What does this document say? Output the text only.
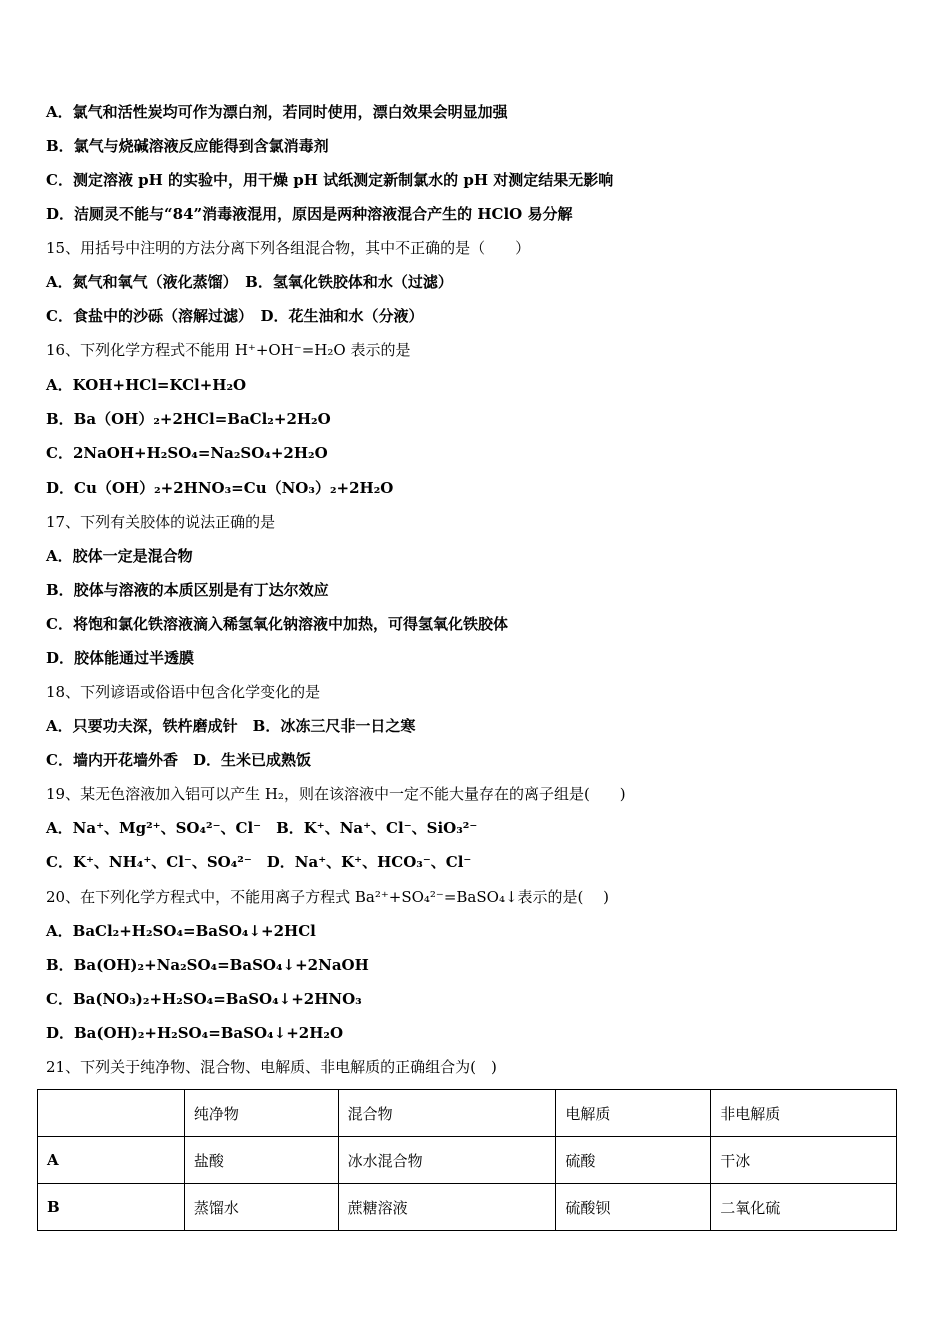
A．氯气和活性炭均可作为漂白剂，若同时使用，漂白效果会明显加强
B．氯气与烧碱溶液反应能得到含氯消毒剂
C．测定溶液 pH 的实验中，用干燥 pH 试纸测定新制氯水的 pH 对测定结果无影响
D．洁厕灵不能与“84”消毒液混用，原因是两种溶液混合产生的 HClO 易分解
15、用括号中注明的方法分离下列各组混合物，其中不正确的是（　　）
A．氮气和氧气（液化蒸馏）　B．氢氧化铁胶体和水（过滤）
C．食盐中的沙砾（溶解过滤）　D．花生油和水（分液）
16、下列化学方程式不能用 H⁺+OH⁻=H₂O 表示的是
A．KOH+HCl=KCl+H₂O
B．Ba（OH）₂+2HCl=BaCl₂+2H₂O
C．2NaOH+H₂SO₄=Na₂SO₄+2H₂O
D．Cu（OH）₂+2HNO₃=Cu（NO₃）₂+2H₂O
17、下列有关胶体的说法正确的是
A．胶体一定是混合物
B．胶体与溶液的本质区别是有丁达尔效应
C．将饱和氯化铁溶液滴入稀氢氧化钠溶液中加热，可得氢氧化铁胶体
D．胶体能通过半透膜
18、下列谚语或俗语中包含化学变化的是
A．只要功夫深，铁杵磨成针　B．冰冻三尺非一日之寒
C．墙内开花墙外香　D．生米已成熟饭
19、某无色溶液加入铝可以产生 H₂，则在该溶液中一定不能大量存在的离子组是(　　)
A．Na⁺、Mg²⁺、SO₄²⁻、Cl⁻　B．K⁺、Na⁺、Cl⁻、SiO₃²⁻
C．K⁺、NH₄⁺、Cl⁻、SO₄²⁻　D．Na⁺、K⁺、HCO₃⁻、Cl⁻
20、在下列化学方程式中，不能用离子方程式 Ba²⁺+SO₄²⁻=BaSO₄↓表示的是(　 )
A．BaCl₂+H₂SO₄=BaSO₄↓+2HCl
B．Ba(OH)₂+Na₂SO₄=BaSO₄↓+2NaOH
C．Ba(NO₃)₂+H₂SO₄=BaSO₄↓+2HNO₃
D．Ba(OH)₂+H₂SO₄=BaSO₄↓+2H₂O
21、下列关于纯净物、混合物、电解质、非电解质的正确组合为(　)
	纯净物	混合物	电解质	非电解质
A	盐酸	冰水混合物	硫酸	干冰
B	蒸馏水	蔗糖溶液	硫酸钡	二氧化硫
